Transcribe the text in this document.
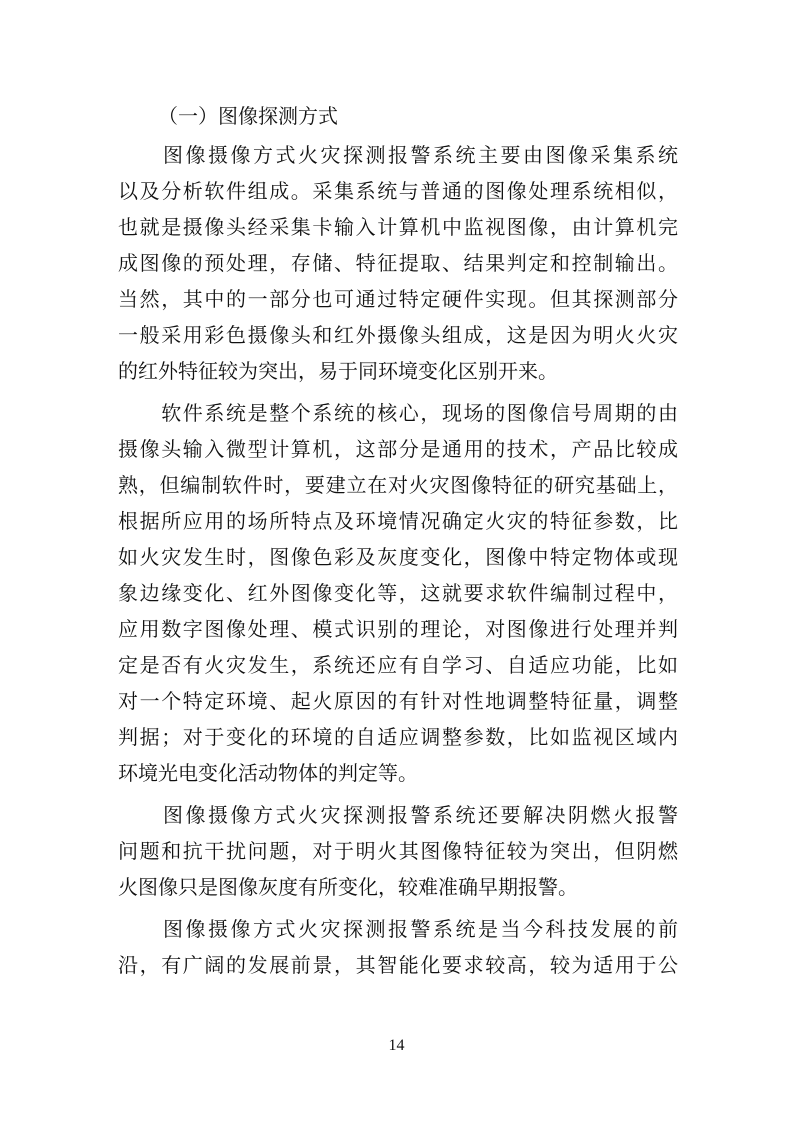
（一）图像探测方式
　　图像摄像方式火灾探测报警系统主要由图像采集系统
以及分析软件组成。采集系统与普通的图像处理系统相似，
也就是摄像头经采集卡输入计算机中监视图像，由计算机完
成图像的预处理，存储、特征提取、结果判定和控制输出。
当然，其中的一部分也可通过特定硬件实现。但其探测部分
一般采用彩色摄像头和红外摄像头组成，这是因为明火火灾
的红外特征较为突出，易于同环境变化区别开来。
　　软件系统是整个系统的核心，现场的图像信号周期的由
摄像头输入微型计算机，这部分是通用的技术，产品比较成
熟，但编制软件时，要建立在对火灾图像特征的研究基础上，
根据所应用的场所特点及环境情况确定火灾的特征参数，比
如火灾发生时，图像色彩及灰度变化，图像中特定物体或现
象边缘变化、红外图像变化等，这就要求软件编制过程中，
应用数字图像处理、模式识别的理论，对图像进行处理并判
定是否有火灾发生，系统还应有自学习、自适应功能，比如
对一个特定环境、起火原因的有针对性地调整特征量，调整
判据；对于变化的环境的自适应调整参数，比如监视区域内
环境光电变化活动物体的判定等。
　　图像摄像方式火灾探测报警系统还要解决阴燃火报警
问题和抗干扰问题，对于明火其图像特征较为突出，但阴燃
火图像只是图像灰度有所变化，较难准确早期报警。
　　图像摄像方式火灾探测报警系统是当今科技发展的前
沿，有广阔的发展前景，其智能化要求较高，较为适用于公
14
